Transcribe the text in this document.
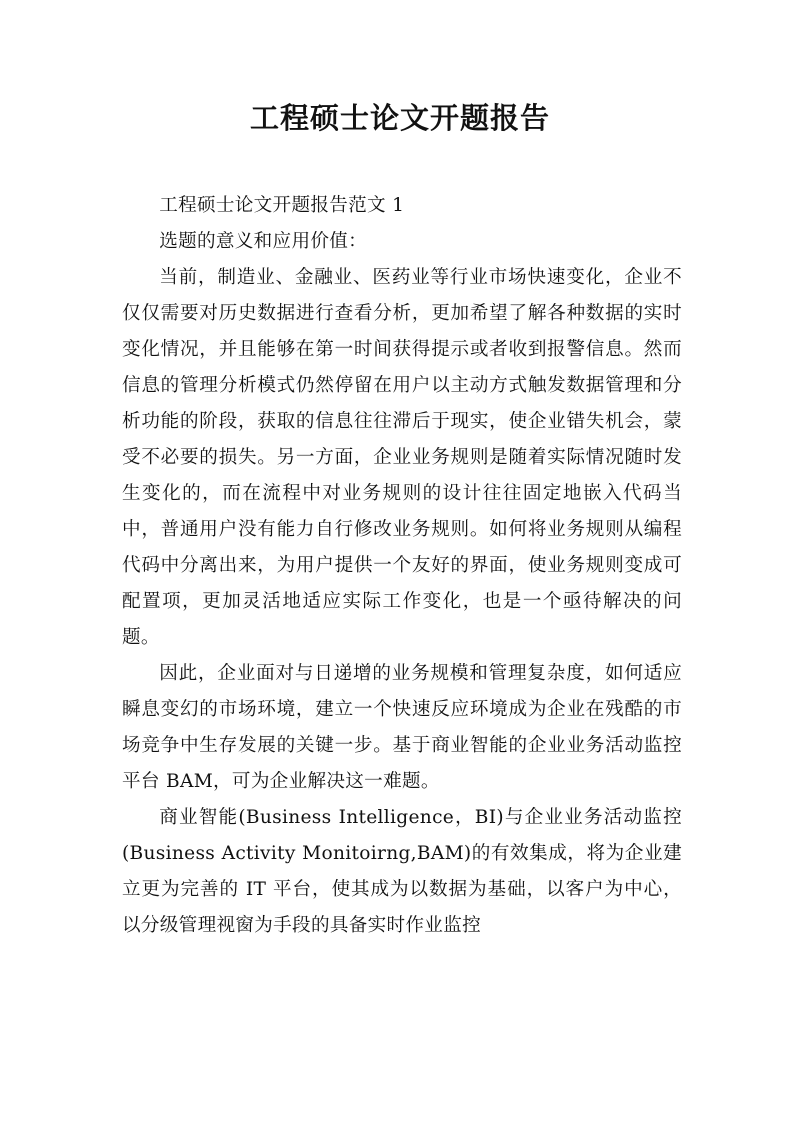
工程硕士论文开题报告

工程硕士论文开题报告范文 1

选题的意义和应用价值：

当前，制造业、金融业、医药业等行业市场快速变化，企业不仅仅需要对历史数据进行查看分析，更加希望了解各种数据的实时变化情况，并且能够在第一时间获得提示或者收到报警信息。然而信息的管理分析模式仍然停留在用户以主动方式触发数据管理和分析功能的阶段，获取的信息往往滞后于现实，使企业错失机会，蒙受不必要的损失。另一方面，企业业务规则是随着实际情况随时发生变化的，而在流程中对业务规则的设计往往固定地嵌入代码当中，普通用户没有能力自行修改业务规则。如何将业务规则从编程代码中分离出来，为用户提供一个友好的界面，使业务规则变成可配置项，更加灵活地适应实际工作变化，也是一个亟待解决的问题。

因此，企业面对与日递增的业务规模和管理复杂度，如何适应瞬息变幻的市场环境，建立一个快速反应环境成为企业在残酷的市场竞争中生存发展的关键一步。基于商业智能的企业业务活动监控平台 BAM，可为企业解决这一难题。

商业智能(Business Intelligence，BI)与企业业务活动监控(Business Activity Monitoirng,BAM)的有效集成，将为企业建立更为完善的 IT 平台，使其成为以数据为基础，以客户为中心，以分级管理视窗为手段的具备实时作业监控
